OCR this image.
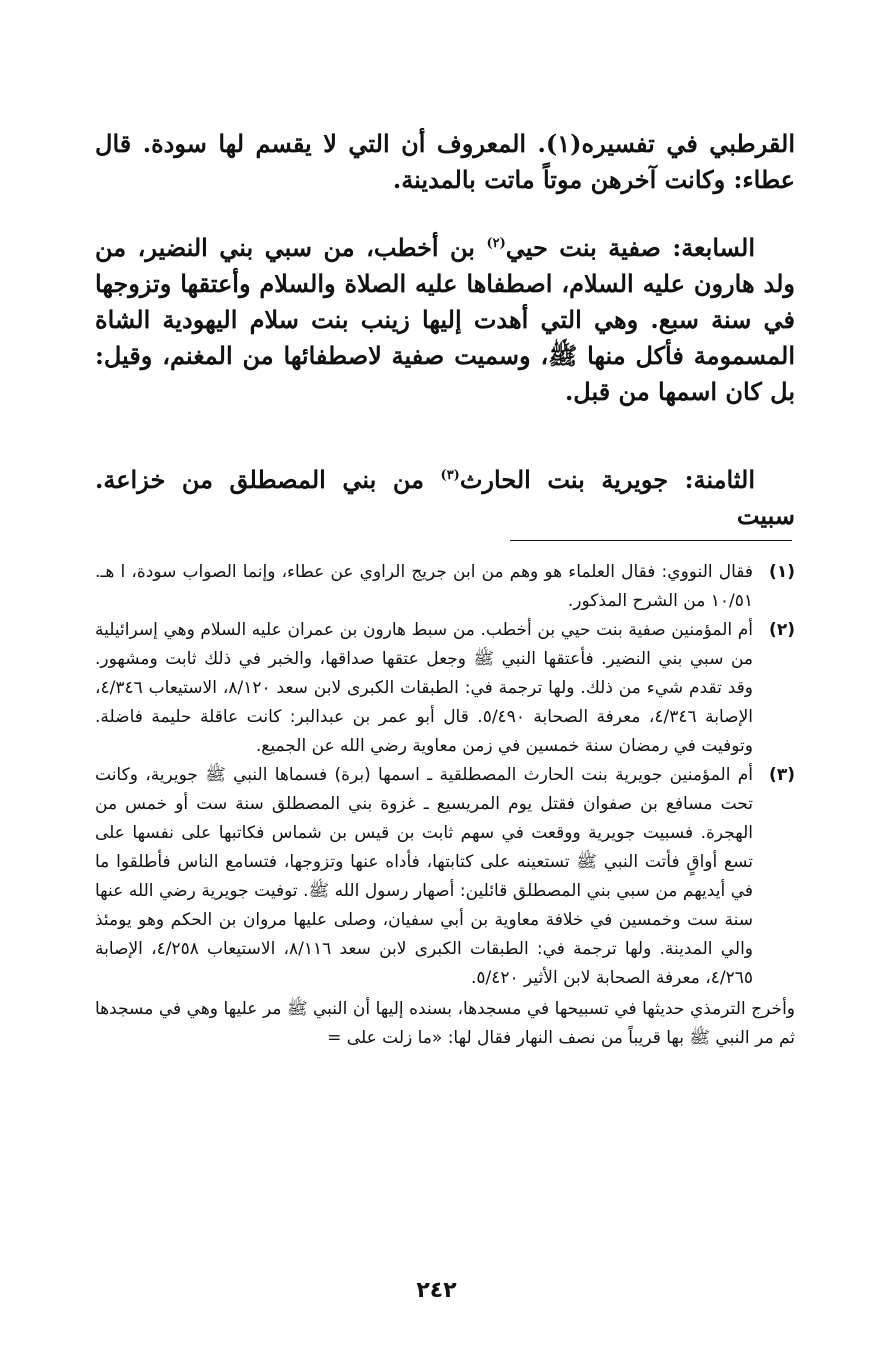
القرطبي في تفسيره(١). المعروف أن التي لا يقسم لها سودة. قال عطاء: وكانت آخرهن موتاً ماتت بالمدينة.

السابعة: صفية بنت حيي$^{(٢)}$ بن أخطب، من سبي بني النضير، من ولد هارون عليه السلام، اصطفاها عليه الصلاة والسلام وأعتقها وتزوجها في سنة سبع. وهي التي أهدت إليها زينب بنت سلام اليهودية الشاة المسمومة فأكل منها ﷺ، وسميت صفية لاصطفائها من المغنم، وقيل: بل كان اسمها من قبل.

الثامنة: جويرية بنت الحارث$^{(٣)}$ من بني المصطلق من خزاعة. سبيت

(١)
فقال النووي: فقال العلماء هو وهم من ابن جريج الراوي عن عطاء، وإنما الصواب سودة، ا هـ. ١٠/٥١ من الشرح المذكور.
(٢)
أم المؤمنين صفية بنت حيي بن أخطب. من سبط هارون بن عمران عليه السلام وهي إسرائيلية من سبي بني النضير. فأعتقها النبي ﷺ وجعل عتقها صداقها، والخبر في ذلك ثابت ومشهور. وقد تقدم شيء من ذلك. ولها ترجمة في: الطبقات الكبرى لابن سعد ٨/١٢٠، الاستيعاب ٤/٣٤٦، الإصابة ٤/٣٤٦، معرفة الصحابة ٥/٤٩٠. قال أبو عمر بن عبدالبر: كانت عاقلة حليمة فاضلة. وتوفيت في رمضان سنة خمسين في زمن معاوية رضي الله عن الجميع.
(٣)
أم المؤمنين جويرية بنت الحارث المصطلقية ـ اسمها (برة) فسماها النبي ﷺ جويرية، وكانت تحت مسافع بن صفوان فقتل يوم المريسيع ـ غزوة بني المصطلق سنة ست أو خمس من الهجرة. فسبيت جويرية ووقعت في سهم ثابت بن قيس بن شماس فكاتبها على نفسها على تسع أواقٍ فأتت النبي ﷺ تستعينه على كتابتها، فأداه عنها وتزوجها، فتسامع الناس فأطلقوا ما في أيديهم من سبي بني المصطلق قائلين: أصهار رسول الله ﷺ. توفيت جويرية رضي الله عنها سنة ست وخمسين في خلافة معاوية بن أبي سفيان، وصلى عليها مروان بن الحكم وهو يومئذ والي المدينة. ولها ترجمة في: الطبقات الكبرى لابن سعد ٨/١١٦، الاستيعاب ٤/٢٥٨، الإصابة ٤/٢٦٥، معرفة الصحابة لابن الأثير ٥/٤٢٠.
وأخرج الترمذي حديثها في تسبيحها في مسجدها، بسنده إليها أن النبي ﷺ مر عليها وهي في مسجدها ثم مر النبي ﷺ بها قريباً من نصف النهار فقال لها: «ما زلت على =
٢٤٢
